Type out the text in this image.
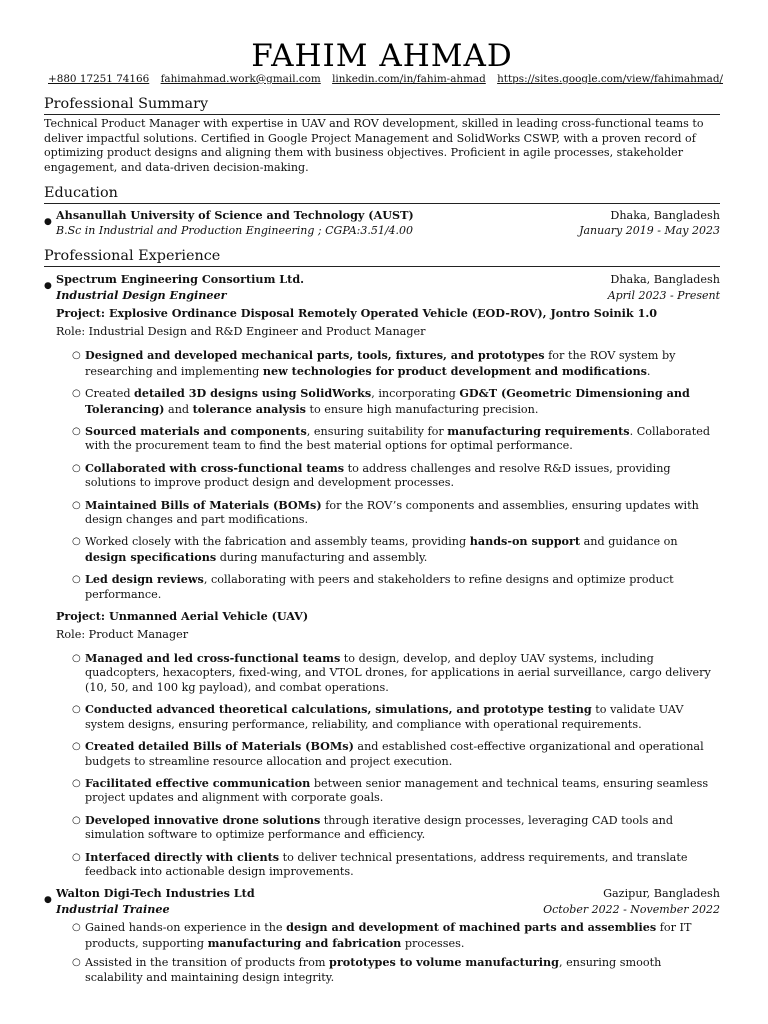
FAHIM AHMAD
+880 17251 74166 fahimahmad.work@gmail.com linkedin.com/in/fahim-ahmad https://sites.google.com/view/fahimahmad/
Professional Summary
Technical Product Manager with expertise in UAV and ROV development, skilled in leading cross-functional teams to deliver impactful solutions. Certified in Google Project Management and SolidWorks CSWP, with a proven record of optimizing product designs and aligning them with business objectives. Proficient in agile processes, stakeholder engagement, and data-driven decision-making.
Education
● Ahsanullah University of Science and Technology (AUST)	Dhaka, Bangladesh
B.Sc in Industrial and Production Engineering ; CGPA:3.51/4.00	January 2019 - May 2023
Professional Experience
● Spectrum Engineering Consortium Ltd.	Dhaka, Bangladesh
Industrial Design Engineer	April 2023 - Present
Project: Explosive Ordinance Disposal Remotely Operated Vehicle (EOD-ROV), Jontro Soinik 1.0
Role: Industrial Design and R&D Engineer and Product Manager
○ Designed and developed mechanical parts, tools, fixtures, and prototypes for the ROV system by researching and implementing new technologies for product development and modifications.
○ Created detailed 3D designs using SolidWorks, incorporating GD&T (Geometric Dimensioning and Tolerancing) and tolerance analysis to ensure high manufacturing precision.
○ Sourced materials and components, ensuring suitability for manufacturing requirements. Collaborated with the procurement team to find the best material options for optimal performance.
○ Collaborated with cross-functional teams to address challenges and resolve R&D issues, providing solutions to improve product design and development processes.
○ Maintained Bills of Materials (BOMs) for the ROV’s components and assemblies, ensuring updates with design changes and part modifications.
○ Worked closely with the fabrication and assembly teams, providing hands-on support and guidance on design specifications during manufacturing and assembly.
○ Led design reviews, collaborating with peers and stakeholders to refine designs and optimize product performance.
Project: Unmanned Aerial Vehicle (UAV)
Role: Product Manager
○ Managed and led cross-functional teams to design, develop, and deploy UAV systems, including quadcopters, hexacopters, fixed-wing, and VTOL drones, for applications in aerial surveillance, cargo delivery (10, 50, and 100 kg payload), and combat operations.
○ Conducted advanced theoretical calculations, simulations, and prototype testing to validate UAV system designs, ensuring performance, reliability, and compliance with operational requirements.
○ Created detailed Bills of Materials (BOMs) and established cost-effective organizational and operational budgets to streamline resource allocation and project execution.
○ Facilitated effective communication between senior management and technical teams, ensuring seamless project updates and alignment with corporate goals.
○ Developed innovative drone solutions through iterative design processes, leveraging CAD tools and simulation software to optimize performance and efficiency.
○ Interfaced directly with clients to deliver technical presentations, address requirements, and translate feedback into actionable design improvements.
● Walton Digi-Tech Industries Ltd	Gazipur, Bangladesh
Industrial Trainee	October 2022 - November 2022
○ Gained hands-on experience in the design and development of machined parts and assemblies for IT products, supporting manufacturing and fabrication processes.
○ Assisted in the transition of products from prototypes to volume manufacturing, ensuring smooth scalability and maintaining design integrity.
